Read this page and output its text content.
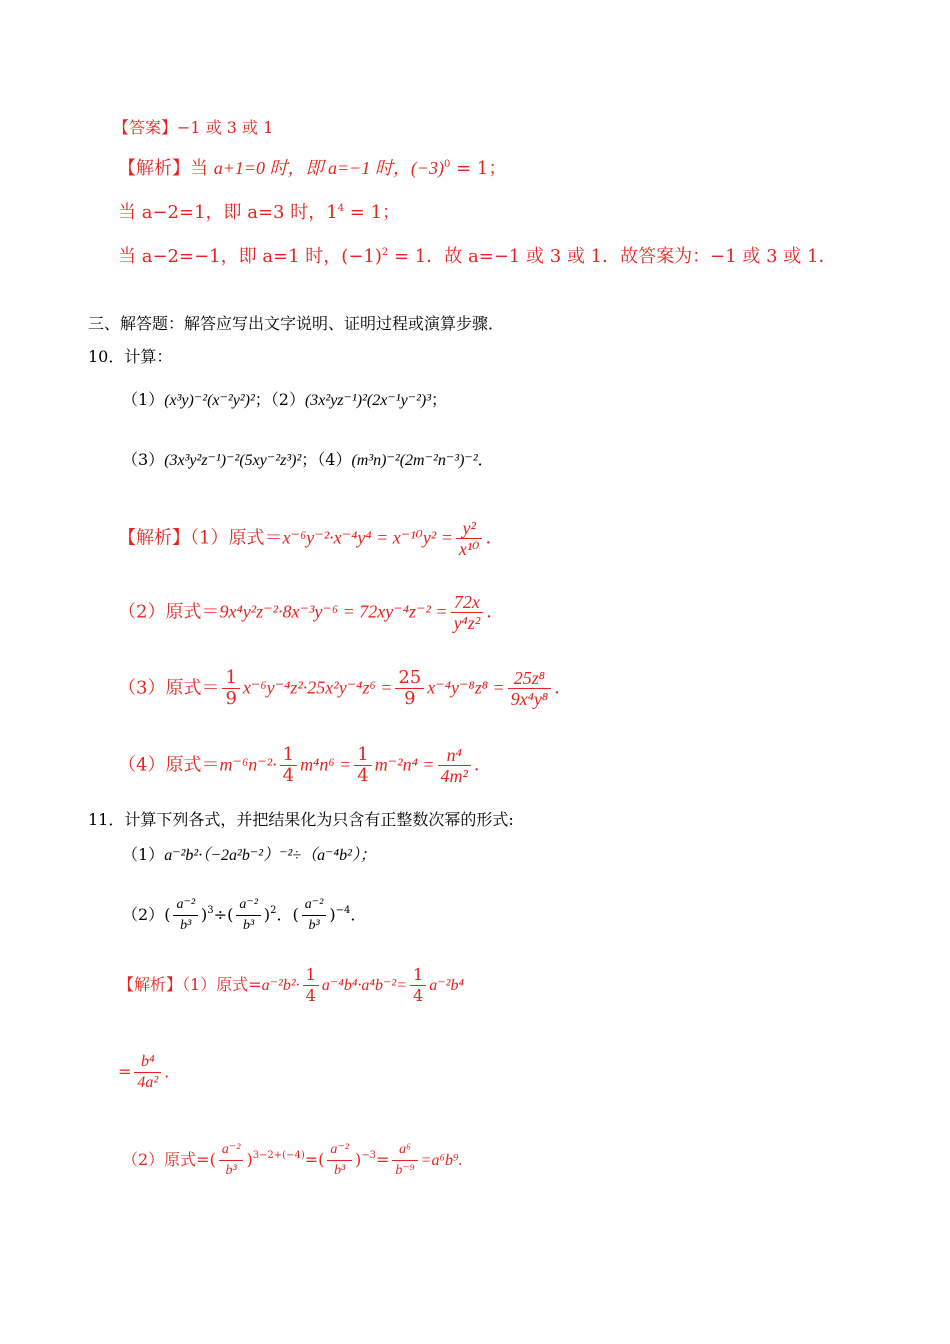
【答案】−1 或 3 或 1
【解析】当 a+1=0 时，即 a=−1 时，$(-3)^0 = 1$；
当 a−2=1，即 a=3 时，$1^4 = 1$；
当 a−2=−1，即 a=1 时，$(-1)^2 = 1$．故 a=−1 或 3 或 1．故答案为：−1 或 3 或 1．
三、解答题：解答应写出文字说明、证明过程或演算步骤．
10．计算：
（1）(x³y)⁻²(x⁻²y²)²；（2）(3x²yz⁻¹)²(2x⁻¹y⁻²)³；
（3）(3x³y²z⁻¹)⁻²(5xy⁻²z³)²；（4）(m³n)⁻²(2m⁻²n⁻³)⁻²．
【解析】（1）原式$=x^{-6}y^{-2}\cdot x^{-4}y^4 = x^{-10}y^2 = \frac{\text{y²}}{\text{x¹⁰}}$ ．
（2）原式$=9x^4y^2z^{-2}\cdot 8x^{-3}y^{-6} = 72xy^{-4}z^{-2} = \frac{72x}{\text{y⁴z²}}$ ．
（3）原式＝ $\frac{1}{9} x^{-6}y^{-4}z^2\cdot 25x^2y^{-4}z^6 = \frac{25}{9} x^{-4}y^{-8}z^8 = \frac{\text{25z⁸}}{\text{9x⁴y⁸}}$ ．
（4）原式$=m^{-6}n^{-2}\cdot \frac{1}{4} m^4n^6 = \frac{1}{4} m^{-2}n^4 = \frac{\text{n⁴}}{\text{4m²}}$ ．
11．计算下列各式，并把结果化为只含有正整数次幂的形式:
（1）a⁻²b²·（−2a²b⁻²）⁻²÷（a⁻⁴b²）；
$(2)( \frac{\text{a⁻²}}{\text{b³}} )^3\div( \frac{\text{a⁻²}}{\text{b³}} )^2$．( $\frac{\text{a⁻²}}{\text{b³}} )^{-4}$．
【解析】（1）原式$=a^{-2}b^2\cdot \frac{1}{4} a^{-4}b^4\cdot a^4b^{-2}= \frac{1}{4} a^{-2}b^4$
= $\frac{\text{b⁴}}{\text{4a²}}$ ．
（2）原式=( $\frac{\text{a⁻²}}{\text{b³}} )^{3-2+(-4)}=( \frac{\text{a⁻²}}{\text{b³}} )^{-3}= \frac{\text{a⁶}}{\text{b⁻⁹}} =a^6b^9$.
